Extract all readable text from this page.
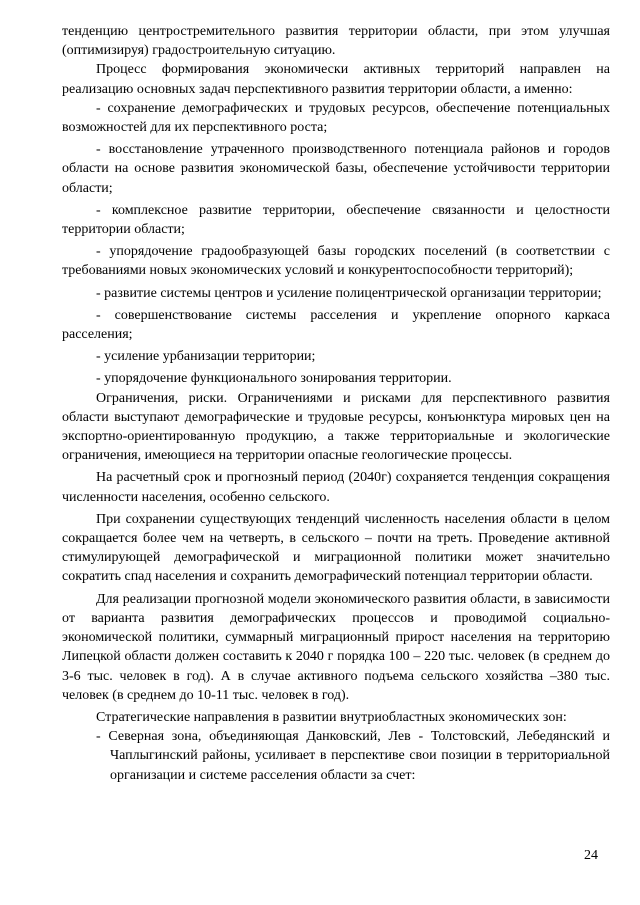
тенденцию центростремительного развития территории области, при этом улучшая (оптимизируя) градостроительную ситуацию.

Процесс формирования экономически активных территорий направлен на реализацию основных задач перспективного развития территории области, а именно:

- сохранение демографических и трудовых ресурсов, обеспечение потенциальных возможностей для их перспективного роста;

- восстановление утраченного производственного потенциала районов и городов области на основе развития экономической базы, обеспечение устойчивости территории области;

- комплексное развитие территории, обеспечение связанности и целостности территории области;

- упорядочение градообразующей базы городских поселений (в соответствии с требованиями новых экономических условий и конкурентоспособности территорий);

- развитие системы центров и усиление полицентрической организации территории;

- совершенствование системы расселения и укрепление опорного каркаса расселения;

- усиление урбанизации территории;

- упорядочение функционального зонирования территории.

Ограничения, риски. Ограничениями и рисками для перспективного развития области выступают демографические и трудовые ресурсы, конъюнктура мировых цен на экспортно-ориентированную продукцию, а также территориальные и экологические ограничения, имеющиеся на территории опасные геологические процессы.

На расчетный срок и прогнозный период (2040г) сохраняется тенденция сокращения численности населения, особенно сельского.

При сохранении существующих тенденций численность населения области в целом сокращается более чем на четверть, в сельского – почти на треть. Проведение активной стимулирующей демографической и миграционной политики может значительно сократить спад населения и сохранить демографический потенциал территории области.

Для реализации прогнозной модели экономического развития области, в зависимости от варианта развития демографических процессов и проводимой социально-экономической политики, суммарный миграционный прирост населения на территорию Липецкой области должен составить к 2040 г порядка 100 – 220 тыс. человек (в среднем до 3-6 тыс. человек в год). А в случае активного подъема сельского хозяйства –380 тыс. человек (в среднем до 10-11 тыс. человек в год).

Стратегические направления в развитии внутриобластных экономических зон:

- Северная зона, объединяющая Данковский, Лев - Толстовский, Лебедянский и Чаплыгинский районы, усиливает в перспективе свои позиции в территориальной организации и системе расселения области за счет:

24
